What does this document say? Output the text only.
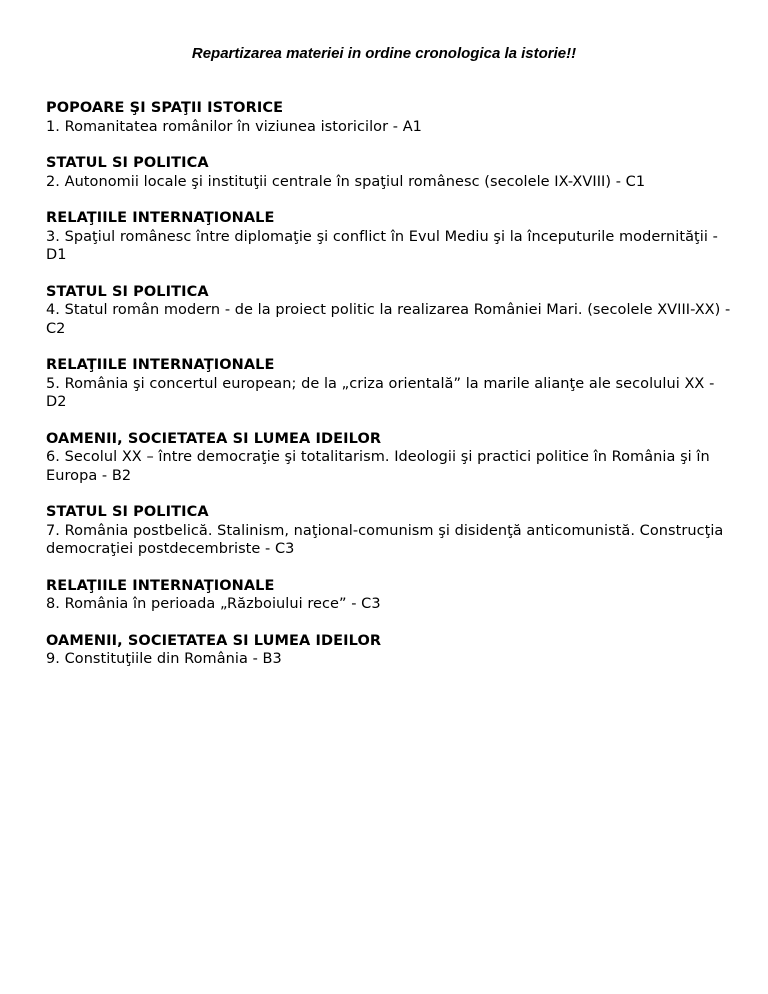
Repartizarea materiei in ordine cronologica la istorie!!

POPOARE ŞI SPAŢII ISTORICE

1. Romanitatea românilor în viziunea istoricilor - A1

STATUL SI POLITICA

2. Autonomii locale şi instituţii centrale în spaţiul românesc (secolele IX-XVIII) - C1

RELAŢIILE INTERNAŢIONALE

3. Spaţiul românesc între diplomaţie şi conflict în Evul Mediu şi la începuturile modernităţii - D1

STATUL SI POLITICA

4. Statul român modern - de la proiect politic la realizarea României Mari. (secolele XVIII-XX) - C2

RELAŢIILE INTERNAŢIONALE

5. România şi concertul european; de la „criza orientală” la marile alianţe ale secolului XX - D2

OAMENII, SOCIETATEA SI LUMEA IDEILOR

6. Secolul XX – între democraţie şi totalitarism. Ideologii şi practici politice în România şi în Europa - B2

STATUL SI POLITICA

7. România postbelică. Stalinism, naţional-comunism şi disidenţă anticomunistă. Construcţia democraţiei postdecembriste - C3

RELAŢIILE INTERNAŢIONALE

8. România în perioada „Războiului rece” - C3

OAMENII, SOCIETATEA SI LUMEA IDEILOR

9. Constituţiile din România - B3
